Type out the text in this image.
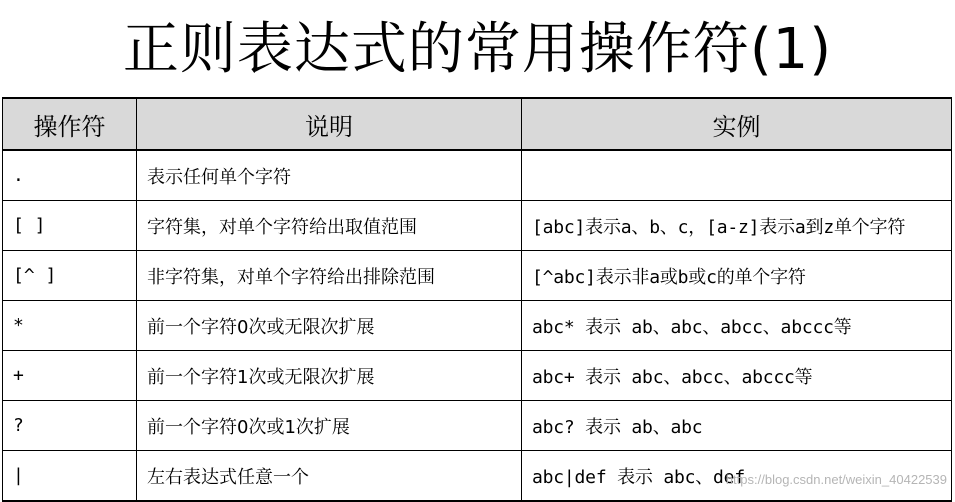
正则表达式的常用操作符(1)
操作符	说明	实例
.	表示任何单个字符	
[ ]	字符集，对单个字符给出取值范围	[abc]表示a、b、c，[a-z]表示a到z单个字符
[^ ]	非字符集，对单个字符给出排除范围	[^abc]表示非a或b或c的单个字符
*	前一个字符0次或无限次扩展	abc* 表示 ab、abc、abcc、abccc等
+	前一个字符1次或无限次扩展	abc+ 表示 abc、abcc、abccc等
?	前一个字符0次或1次扩展	abc? 表示 ab、abc
|	左右表达式任意一个	abc|def 表示 abc、def
https://blog.csdn.net/weixin_40422539
